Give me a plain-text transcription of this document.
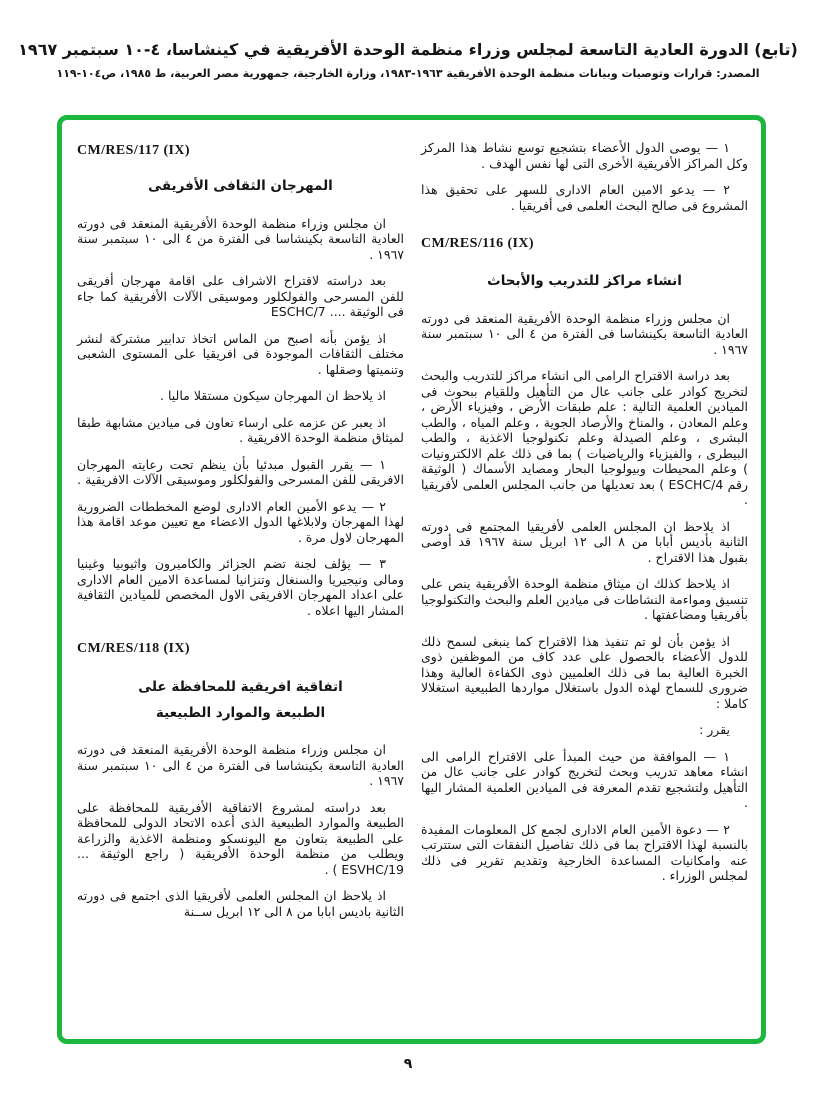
(تابع) الدورة العادية التاسعة لمجلس وزراء منظمة الوحدة الأفريقية في كينشاسا، ٤-١٠ سبتمبر ١٩٦٧
المصدر: قرارات وتوصيات وبيانات منظمة الوحدة الأفريقية ١٩٦٣-١٩٨٣، وزارة الخارجية، جمهورية مصر العربية، ط ١٩٨٥، ص١٠٤-١١٩
١ — يوصى الدول الأعضاء بتشجيع توسع نشاط هذا المركز وكل المراكز الأفريقية الأخرى التى لها نفس الهدف .
٢ — يدعو الامين العام الادارى للسهر على تحقيق هذا المشروع فى صالح البحث العلمى فى أفريقيا .
CM/RES/116 (IX)
انشاء مراكز للتدريب والأبحاث
ان مجلس وزراء منظمة الوحدة الأفريقية المنعقد فى دورته العادية التاسعة بكينشاسا فى الفترة من ٤ الى ١٠ سبتمبر سنة ١٩٦٧ .
بعد دراسة الاقتراح الرامى الى انشاء مراكز للتدريب والبحث لتخريج كوادر على جانب عال من التأهيل وللقيام ببحوث فى الميادين العلمية التالية : علم طبقات الأرض ، وفيزياء الأرض ، وعلم المعادن ، والمناخ والأرصاد الجوية ، وعلم المياه ، والطب البشرى ، وعلم الصيدلة وعلم تكنولوجيا الاغذية ، والطب البيطرى ، والفيزياء والرياضيات ) بما فى ذلك علم الالكترونيات ) وعلم المحيطات وبيولوجيا البحار ومصايد الأسماك ( الوثيقة رقم ESCHC/4 ) بعد تعديلها من جانب المجلس العلمى لأفريقيا .
اذ يلاحظ ان المجلس العلمى لأفريقيا المجتمع فى دورته الثانية بأديس أبابا من ٨ الى ١٢ ابريل سنة ١٩٦٧ قد أوصى بقبول هذا الاقتراح .
اذ يلاحظ كذلك ان ميثاق منظمة الوحدة الأفريقية ينص على تنسيق ومواءمة النشاطات فى ميادين العلم والبحث والتكنولوجيا بأفريقيا ومضاعفتها .
اذ يؤمن بأن لو تم تنفيذ هذا الاقتراح كما ينبغى لسمح ذلك للدول الأعضاء بالحصول على عدد كاف من الموظفين ذوى الخبرة العالية بما فى ذلك العلميين ذوى الكفاءة العالية وهذا ضرورى للسماح لهذه الدول باستغلال مواردها الطبيعية استغلالا كاملا :
يقرر :
١ — الموافقة من حيث المبدأ على الاقتراح الرامى الى انشاء معاهد تدريب وبحث لتخريج كوادر على جانب عال من التأهيل ولتشجيع تقدم المعرفة فى الميادين العلمية المشار اليها .
٢ — دعوة الأمين العام الادارى لجمع كل المعلومات المفيدة بالنسبة لهذا الاقتراح بما فى ذلك تفاصيل النفقات التى ستترتب عنه وامكانيات المساعدة الخارجية وتقديم تقرير فى ذلك لمجلس الوزراء .
CM/RES/117 (IX)
المهرجان الثقافى الأفريقى
ان مجلس وزراء منظمة الوحدة الأفريقية المنعقد فى دورته العادية التاسعة بكينشاسا فى الفترة من ٤ الى ١٠ سبتمبر سنة ١٩٦٧ .
بعد دراسته لاقتراح الاشراف على اقامة مهرجان أفريقى للفن المسرحى والفولكلور وموسيقى الآلات الأفريقية كما جاء فى الوثيقة .... ESCHC/7
اذ يؤمن بأنه اصبح من الماس اتخاذ تدابير مشتركة لنشر مختلف الثقافات الموجودة فى افريقيا على المستوى الشعبى وتنميتها وصقلها .
اذ يلاحظ ان المهرجان سيكون مستقلا ماليا .
اذ يعبر عن عزمه على ارساء تعاون فى ميادين مشابهة طبقا لميثاق منظمة الوحدة الافريقية .
١ — يقرر القبول مبدئيا بأن ينظم تحت رعايته المهرجان الافريقى للفن المسرحى والفولكلور وموسيقى الآلات الافريقية .
٢ — يدعو الأمين العام الادارى لوضع المخططات الضرورية لهذا المهرجان ولابلاغها الدول الاعضاء مع تعيين موعد اقامة هذا المهرجان لاول مرة .
٣ — يؤلف لجنة تضم الجزائر والكاميرون واثيوبيا وغينيا ومالى ونيجيريا والسنغال وتنزانيا لمساعدة الامين العام الادارى على اعداد المهرجان الافريقى الاول المخصص للميادين الثقافية المشار اليها اعلاه .
CM/RES/118 (IX)
اتفاقية افريقية للمحافظة على
الطبيعة والموارد الطبيعية
ان مجلس وزراء منظمة الوحدة الأفريقية المنعقد فى دورته العادية التاسعة بكينشاسا فى الفترة من ٤ الى ١٠ سبتمبر سنة ١٩٦٧ .
بعد دراسته لمشروع الاتفاقية الأفريقية للمحافظة على الطبيعة والموارد الطبيعية الذى أعده الاتحاد الدولى للمحافظة على الطبيعة بتعاون مع اليونسكو ومنظمة الاغذية والزراعة ويطلب من منظمة الوحدة الأفريقية ( راجع الوثيقة ... ESVHC/19 ) .
اذ يلاحظ ان المجلس العلمى لأفريقيا الذى اجتمع فى دورته الثانية باديس ابابا من ٨ الى ١٢ ابريل ســنة
٩
